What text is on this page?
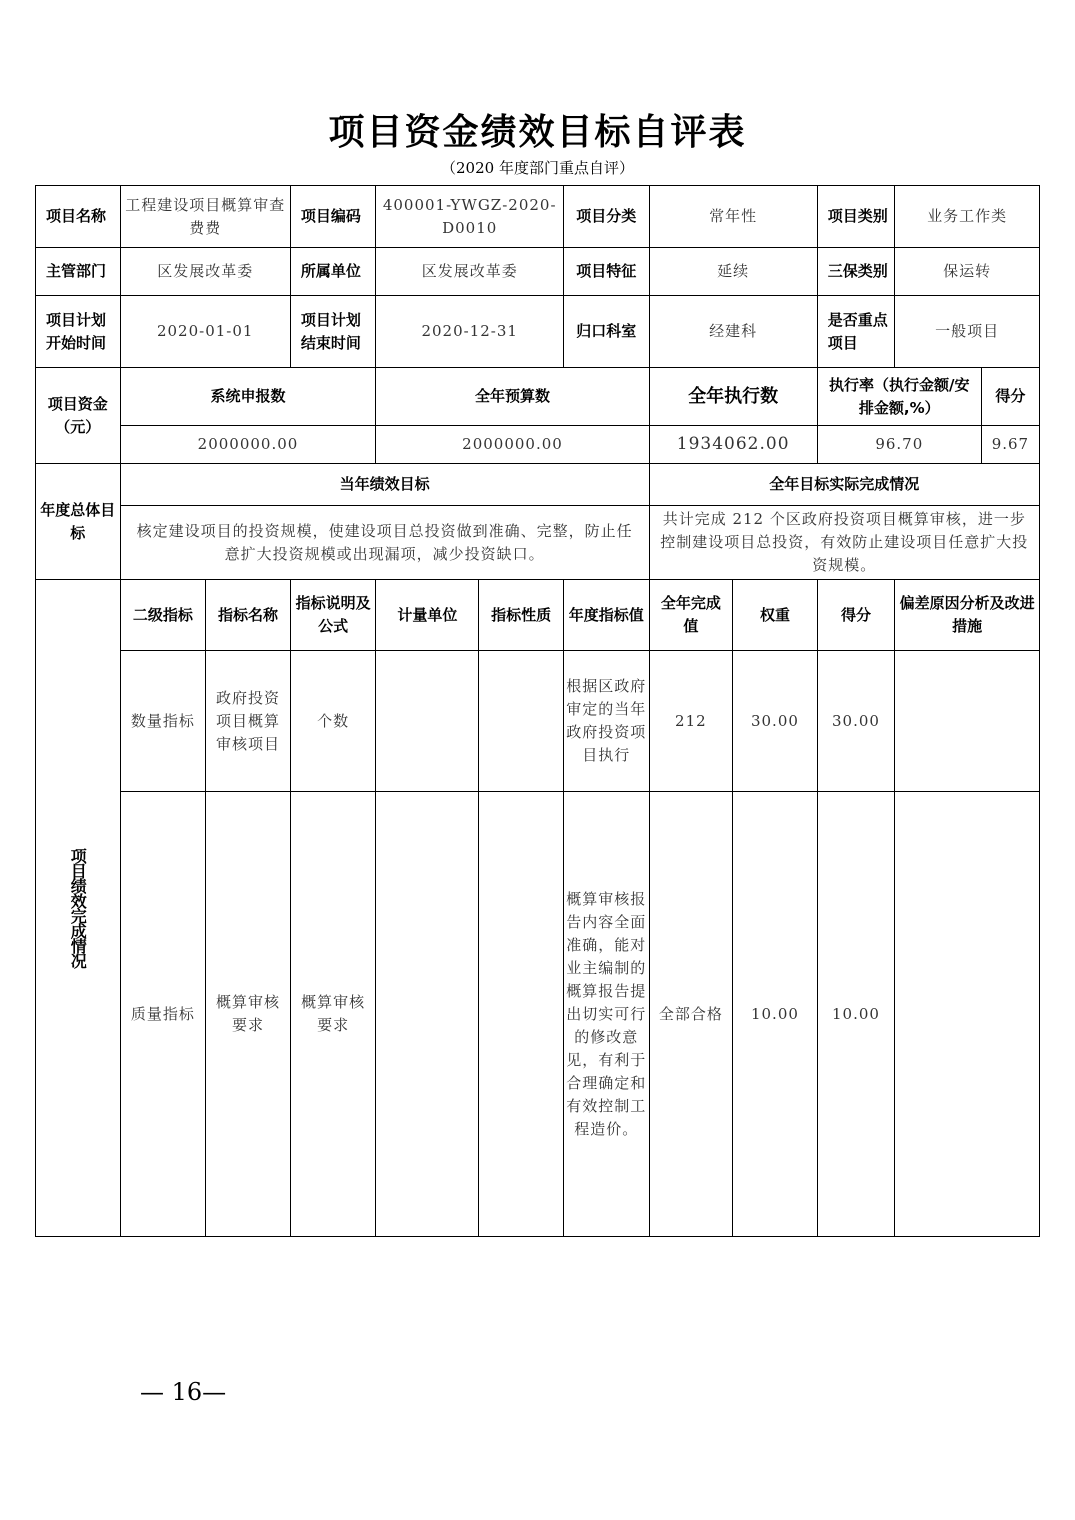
项目资金绩效目标自评表
（2020 年度部门重点自评）
项目名称	工程建设项目概算审查费费		项目编码	400001-YWGZ-2020-D0010		项目分类	常年性		项目类别	业务工作类	
主管部门	区发展改革委		所属单位	区发展改革委		项目特征	延续		三保类别	保运转	
项目计划开始时间	2020-01-01		项目计划结束时间	2020-12-31		归口科室	经建科		是否重点项目	一般项目	
项目资金（元）	系统申报数			全年预算数			全年执行数		执行率（执行金额/安排金额,%）		得分
	2000000.00			2000000.00			1934062.00		96.70		9.67
年度总体目标	当年绩效目标						全年目标实际完成情况				
	核定建设项目的投资规模，使建设项目总投资做到准确、完整，防止任意扩大投资规模或出现漏项，减少投资缺口。						共计完成 212 个区政府投资项目概算审核，进一步控制建设项目总投资，有效防止建设项目任意扩大投资规模。				

项目绩效完成情况	二级指标	指标名称	指标说明及公式	计量单位	指标性质	年度指标值	全年完成值	权重	得分	偏差原因分析及改进措施	
	数量指标	政府投资项目概算审核项目	个数			根据区政府审定的当年政府投资项目执行	212	30.00	30.00		
	质量指标	概算审核要求	概算审核要求			概算审核报告内容全面准确，能对业主编制的概算报告提出切实可行的修改意见，有利于合理确定和有效控制工程造价。	全部合格	10.00	10.00		
— 16—
